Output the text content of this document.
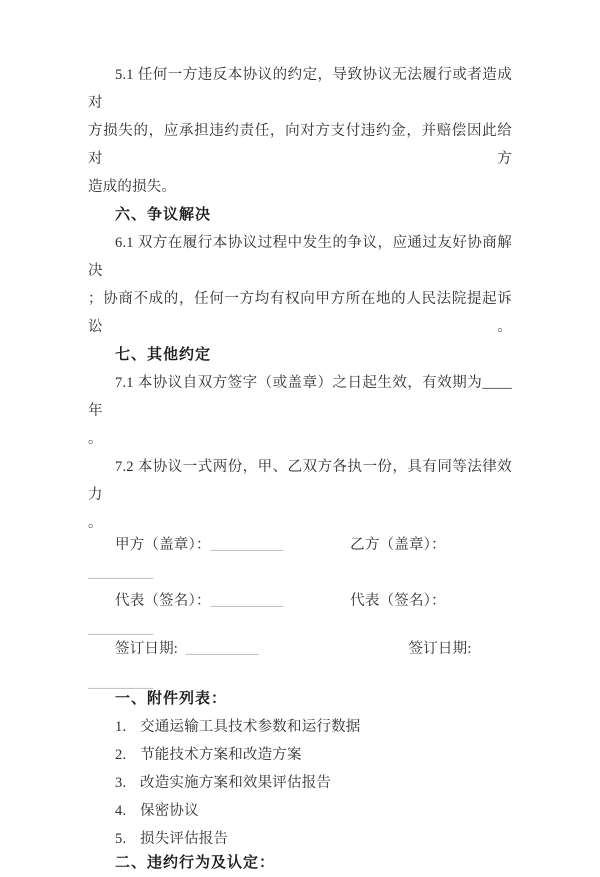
5.1 任何一方违反本协议的约定，导致协议无法履行或者造成对
方损失的，应承担违约责任，向对方支付违约金，并赔偿因此给对方
造成的损失。
六、争议解决
6.1 双方在履行本协议过程中发生的争议，应通过友好协商解决
；协商不成的，任何一方均有权向甲方所在地的人民法院提起诉讼。
七、其他约定
7.1 本协议自双方签字（或盖章）之日起生效，有效期为____年
。
7.2 本协议一式两份，甲、乙双方各执一份，具有同等法律效力
。
甲方（盖章）：__________	乙方（盖章）：
_________
代表（签名）：__________	代表（签名）：
_________
签订日期: __________	签订日期:
_________
一、附件列表：
1. 交通运输工具技术参数和运行数据
2. 节能技术方案和改造方案
3. 改造实施方案和效果评估报告
4. 保密协议
5. 损失评估报告
二、违约行为及认定：
